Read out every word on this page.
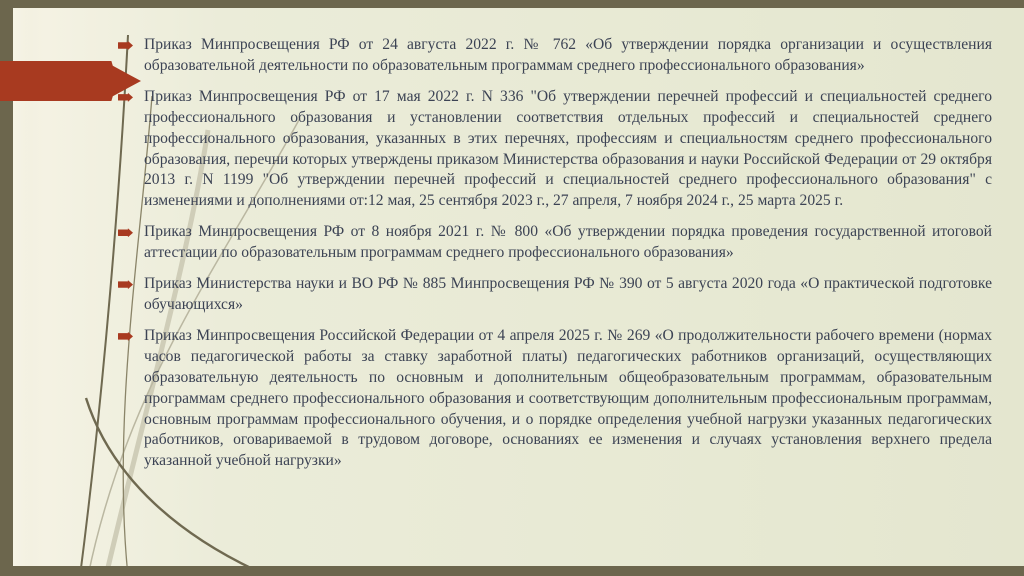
Приказ Минпросвещения РФ от 24 августа 2022 г. № 762 «Об утверждении порядка организации и осуществления образовательной деятельности по образовательным программам среднего профессионального образования»
Приказ Минпросвещения РФ от 17 мая 2022 г. N 336 "Об утверждении перечней профессий и специальностей среднего профессионального образования и установлении соответствия отдельных профессий и специальностей среднего профессионального образования, указанных в этих перечнях, профессиям и специальностям среднего профессионального образования, перечни которых утверждены приказом Министерства образования и науки Российской Федерации от 29 октября 2013 г. N 1199 "Об утверждении перечней профессий и специальностей среднего профессионального образования" с изменениями и дополнениями от:12 мая, 25 сентября 2023 г., 27 апреля, 7 ноября 2024 г., 25 марта 2025 г.
Приказ Минпросвещения РФ от 8 ноября 2021 г. № 800 «Об утверждении порядка проведения государственной итоговой аттестации по образовательным программам среднего профессионального образования»
Приказ Министерства науки и ВО РФ № 885 Минпросвещения РФ № 390 от 5 августа 2020 года «О практической подготовке обучающихся»
Приказ Минпросвещения Российской Федерации от 4 апреля 2025 г. № 269 «О продолжительности рабочего времени (нормах часов педагогической работы за ставку заработной платы) педагогических работников организаций, осуществляющих образовательную деятельность по основным и дополнительным общеобразовательным программам, образовательным программам среднего профессионального образования и соответствующим дополнительным профессиональным программам, основным программам профессионального обучения, и о порядке определения учебной нагрузки указанных педагогических работников, оговариваемой в трудовом договоре, основаниях ее изменения и случаях установления верхнего предела указанной учебной нагрузки»
